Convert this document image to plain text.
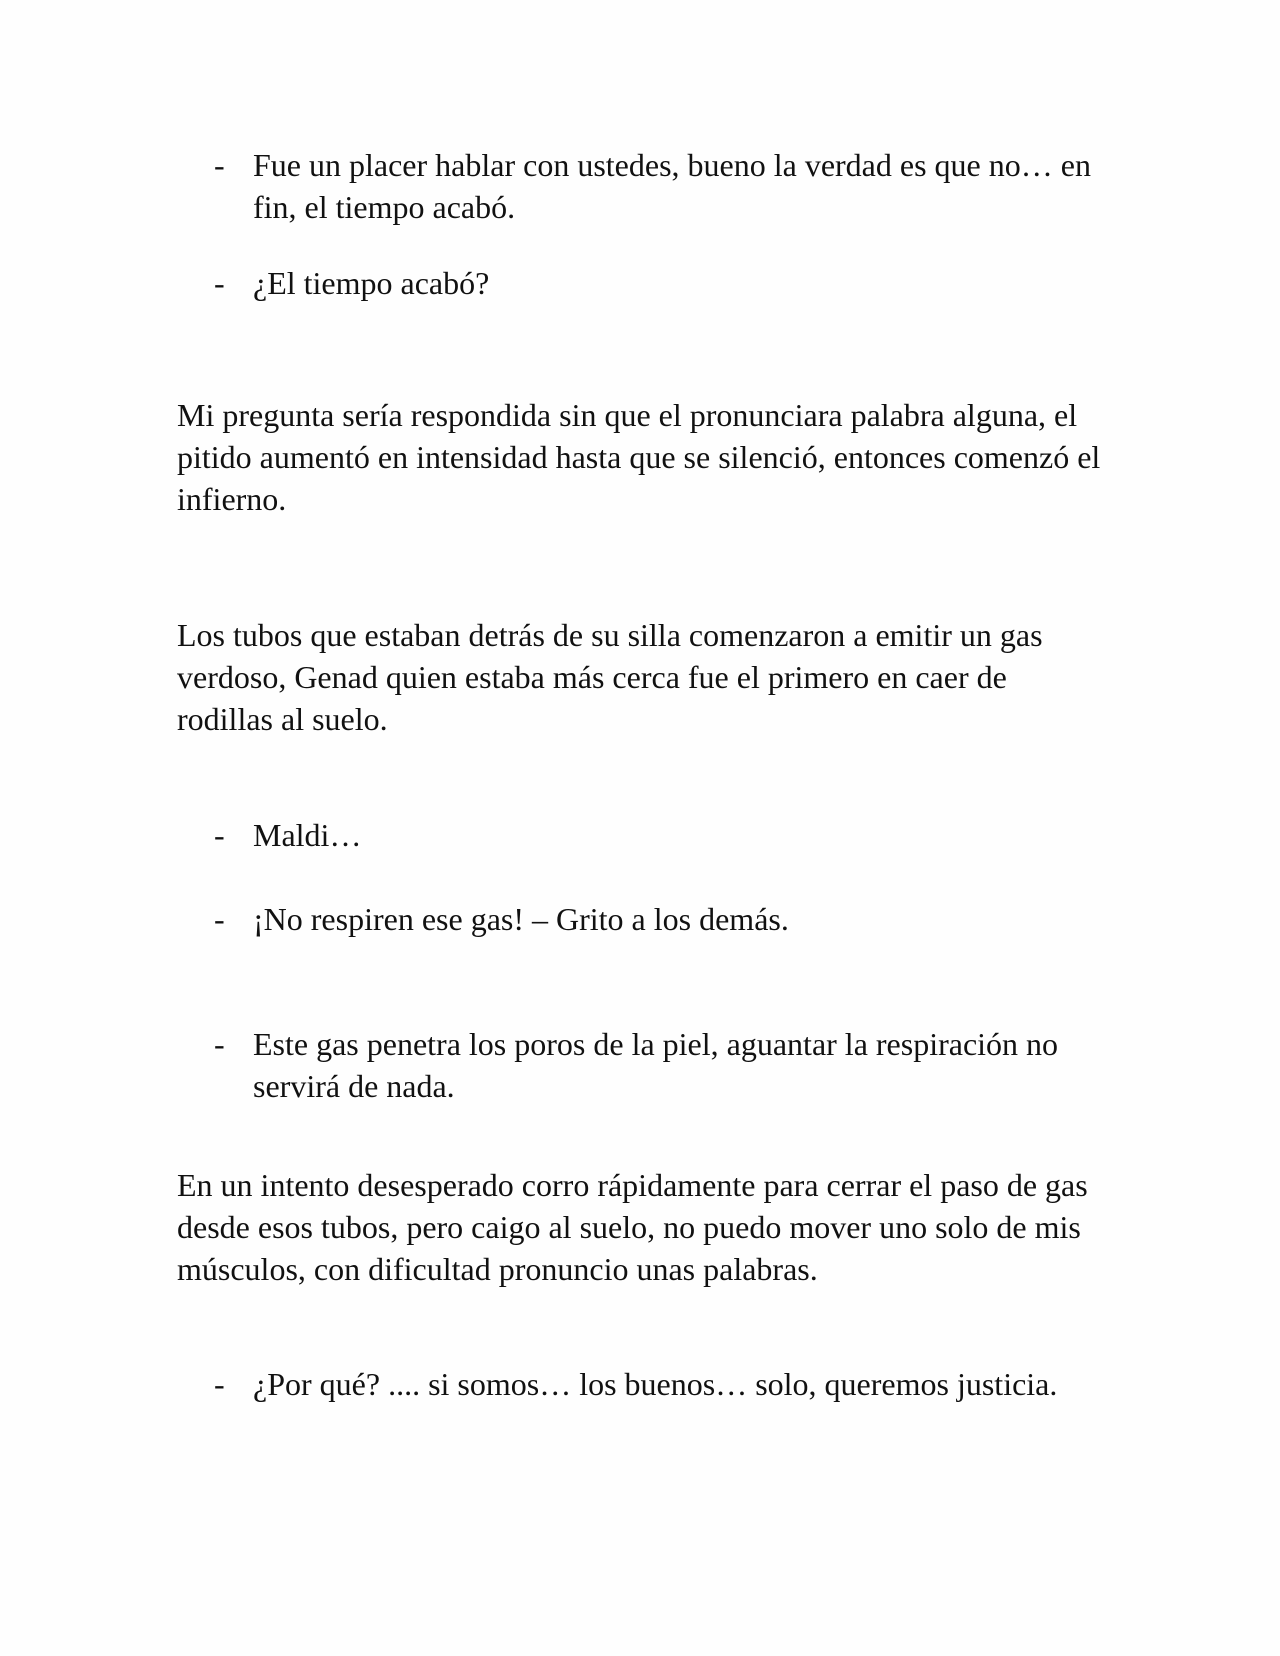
- Fue un placer hablar con ustedes, bueno la verdad es que no… en fin, el tiempo acabó.
- ¿El tiempo acabó?

Mi pregunta sería respondida sin que el pronunciara palabra alguna, el pitido aumentó en intensidad hasta que se silenció, entonces comenzó el infierno.

Los tubos que estaban detrás de su silla comenzaron a emitir un gas verdoso, Genad quien estaba más cerca fue el primero en caer de rodillas al suelo.

- Maldi…
- ¡No respiren ese gas! – Grito a los demás.
- Este gas penetra los poros de la piel, aguantar la respiración no servirá de nada.

En un intento desesperado corro rápidamente para cerrar el paso de gas desde esos tubos, pero caigo al suelo, no puedo mover uno solo de mis músculos, con dificultad pronuncio unas palabras.

- ¿Por qué? .... si somos… los buenos… solo, queremos justicia.
